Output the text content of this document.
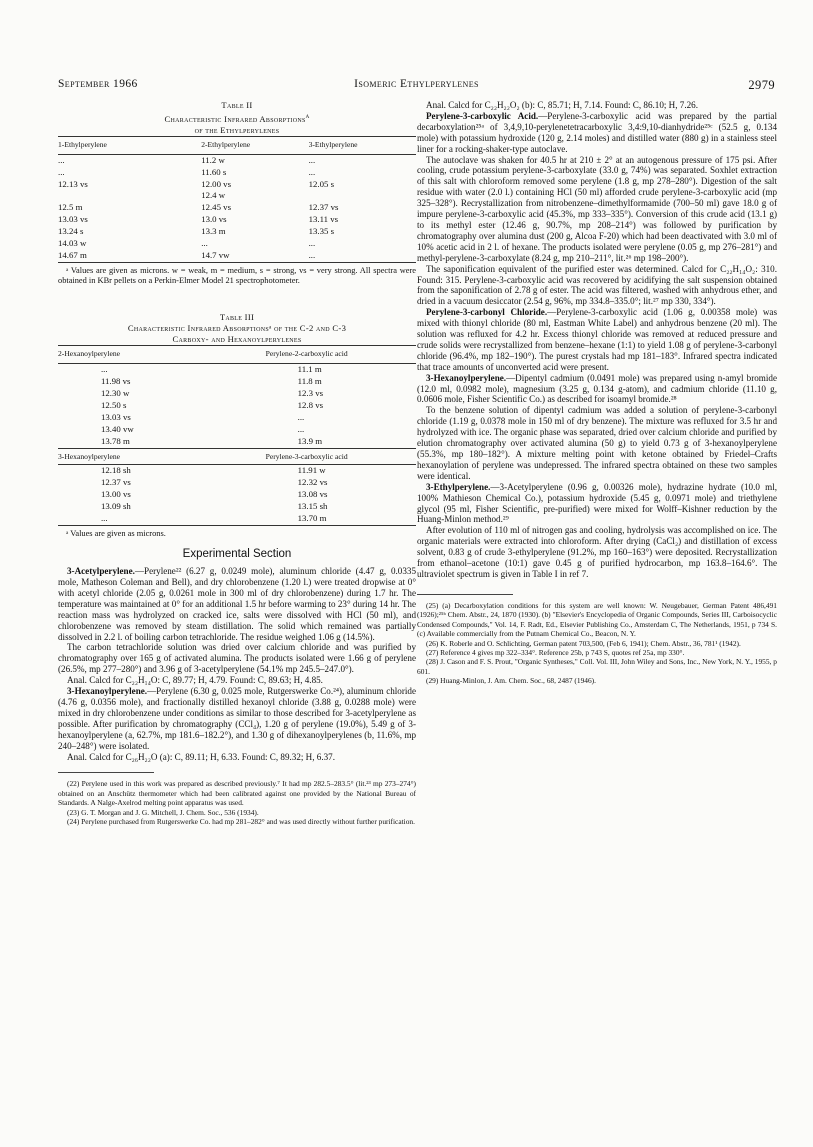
September 1966	Isomeric Ethylperylenes	2979
Table II
Characteristic Infrared Absorptions$^a$
of the Ethylperylenes
1-Ethylperylene	2-Ethylperylene	3-Ethylperylene
...	11.2 w	...
...	11.60 s	...
12.13 vs	12.00 vs	12.05 s
	12.4 w	
12.5 m	12.45 vs	12.37 vs
13.03 vs	13.0 vs	13.11 vs
13.24 s	13.3 m	13.35 s
14.03 w	...	...
14.67 m	14.7 vw	...

ᵃ Values are given as microns. w = weak, m = medium, s = strong, vs = very strong. All spectra were obtained in KBr pellets on a Perkin-Elmer Model 21 spectrophotometer.

Table III
Characteristic Infrared Absorptionsᵃ of the C-2 and C-3
Carboxy- and Hexanoylperylenes
2-Hexanoylperylene		Perylene-2-carboxylic acid
	...	11.1 m
	11.98 vs	11.8 m
	12.30 w	12.3 vs
	12.50 s	12.8 vs
	13.03 vs	...
	13.40 vw	...
	13.78 m	13.9 m
3-Hexanoylperylene		Perylene-3-carboxylic acid
	12.18 sh	11.91 w
	12.37 vs	12.32 vs
	13.00 vs	13.08 vs
	13.09 sh	13.15 sh
	...	13.70 m

ᵃ Values are given as microns.

Experimental Section

3-Acetylperylene.—Perylene²² (6.27 g, 0.0249 mole), aluminum chloride (4.47 g, 0.0335 mole, Matheson Coleman and Bell), and dry chlorobenzene (1.20 l.) were treated dropwise at 0° with acetyl chloride (2.05 g, 0.0261 mole in 300 ml of dry chlorobenzene) during 1.7 hr. The temperature was maintained at 0° for an additional 1.5 hr before warming to 23° during 14 hr. The reaction mass was hydrolyzed on cracked ice, salts were dissolved with HCl (50 ml), and chlorobenzene was removed by steam distillation. The solid which remained was partially dissolved in 2.2 l. of boiling carbon tetrachloride. The residue weighed 1.06 g (14.5%).

The carbon tetrachloride solution was dried over calcium chloride and was purified by chromatography over 165 g of activated alumina. The products isolated were 1.66 g of perylene (26.5%, mp 277–280°) and 3.96 g of 3-acetylperylene (54.1% mp 245.5–247.0°).

Anal. Calcd for C₂₂H₁₄O: C, 89.77; H, 4.79. Found: C, 89.63; H, 4.85.

3-Hexanoylperylene.—Perylene (6.30 g, 0.025 mole, Rutgerswerke Co.²⁴), aluminum chloride (4.76 g, 0.0356 mole), and fractionally distilled hexanoyl chloride (3.88 g, 0.0288 mole) were mixed in dry chlorobenzene under conditions as similar to those described for 3-acetylperylene as possible. After purification by chromatography (CCl₄), 1.20 g of perylene (19.0%), 5.49 g of 3-hexanoylperylene (a, 62.7%, mp 181.6–182.2°), and 1.30 g of dihexanoylperylenes (b, 11.6%, mp 240–248°) were isolated.

Anal. Calcd for C₂₆H₂₂O (a): C, 89.11; H, 6.33. Found: C, 89.32; H, 6.37.

(22) Perylene used in this work was prepared as described previously.⁷ It had mp 282.5–283.5° (lit.²³ mp 273–274°) obtained on an Anschütz thermometer which had been calibrated against one provided by the National Bureau of Standards. A Nalge-Axelrod melting point apparatus was used.

(23) G. T. Morgan and J. G. Mitchell, J. Chem. Soc., 536 (1934).

(24) Perylene purchased from Rutgerswerke Co. had mp 281–282° and was used directly without further purification.

Anal. Calcd for C₂₂H₂₂O₂ (b): C, 85.71; H, 7.14. Found: C, 86.10; H, 7.26.

Perylene-3-carboxylic Acid.—Perylene-3-carboxylic acid was prepared by the partial decarboxylation²⁵ᵃ of 3,4,9,10-perylenetetracarboxylic 3,4:9,10-dianhydride²⁵ᶜ (52.5 g, 0.134 mole) with potassium hydroxide (120 g, 2.14 moles) and distilled water (880 g) in a stainless steel liner for a rocking-shaker-type autoclave.

The autoclave was shaken for 40.5 hr at 210 ± 2° at an autogenous pressure of 175 psi. After cooling, crude potassium perylene-3-carboxylate (33.0 g, 74%) was separated. Soxhlet extraction of this salt with chloroform removed some perylene (1.8 g, mp 278–280°). Digestion of the salt residue with water (2.0 l.) containing HCl (50 ml) afforded crude perylene-3-carboxylic acid (mp 325–328°). Recrystallization from nitrobenzene–dimethylformamide (700–50 ml) gave 18.0 g of impure perylene-3-carboxylic acid (45.3%, mp 333–335°). Conversion of this crude acid (13.1 g) to its methyl ester (12.46 g, 90.7%, mp 208–214°) was followed by purification by chromatography over alumina dust (200 g, Alcoa F-20) which had been deactivated with 3.0 ml of 10% acetic acid in 2 l. of hexane. The products isolated were perylene (0.05 g, mp 276–281°) and methyl-perylene-3-carboxylate (8.24 g, mp 210–211°, lit.²⁶ mp 198–200°).

The saponification equivalent of the purified ester was determined. Calcd for C₂₂H₁₄O₂: 310. Found: 315. Perylene-3-carboxylic acid was recovered by acidifying the salt suspension obtained from the saponification of 2.78 g of ester. The acid was filtered, washed with anhydrous ether, and dried in a vacuum desiccator (2.54 g, 96%, mp 334.8–335.0°; lit.²⁷ mp 330, 334°).

Perylene-3-carbonyl Chloride.—Perylene-3-carboxylic acid (1.06 g, 0.00358 mole) was mixed with thionyl chloride (80 ml, Eastman White Label) and anhydrous benzene (20 ml). The solution was refluxed for 4.2 hr. Excess thionyl chloride was removed at reduced pressure and crude solids were recrystallized from benzene–hexane (1:1) to yield 1.08 g of perylene-3-carbonyl chloride (96.4%, mp 182–190°). The purest crystals had mp 181–183°. Infrared spectra indicated that trace amounts of unconverted acid were present.

3-Hexanoylperylene.—Dipentyl cadmium (0.0491 mole) was prepared using n-amyl bromide (12.0 ml, 0.0982 mole), magnesium (3.25 g, 0.134 g-atom), and cadmium chloride (11.10 g, 0.0606 mole, Fisher Scientific Co.) as described for isoamyl bromide.²⁸

To the benzene solution of dipentyl cadmium was added a solution of perylene-3-carbonyl chloride (1.19 g, 0.0378 mole in 150 ml of dry benzene). The mixture was refluxed for 3.5 hr and hydrolyzed with ice. The organic phase was separated, dried over calcium chloride and purified by elution chromatography over activated alumina (50 g) to yield 0.73 g of 3-hexanoylperylene (55.3%, mp 180–182°). A mixture melting point with ketone obtained by Friedel–Crafts hexanoylation of perylene was undepressed. The infrared spectra obtained on these two samples were identical.

3-Ethylperylene.—3-Acetylperylene (0.96 g, 0.00326 mole), hydrazine hydrate (10.0 ml, 100% Mathieson Chemical Co.), potassium hydroxide (5.45 g, 0.0971 mole) and triethylene glycol (95 ml, Fisher Scientific, pre-purified) were mixed for Wolff–Kishner reduction by the Huang-Minlon method.²⁹

After evolution of 110 ml of nitrogen gas and cooling, hydrolysis was accomplished on ice. The organic materials were extracted into chloroform. After drying (CaCl₂) and distillation of excess solvent, 0.83 g of crude 3-ethylperylene (91.2%, mp 160–163°) were deposited. Recrystallization from ethanol–acetone (10:1) gave 0.45 g of purified hydrocarbon, mp 163.8–164.6°. The ultraviolet spectrum is given in Table I in ref 7.

(25) (a) Decarboxylation conditions for this system are well known: W. Neugebauer, German Patent 486,491 (1926);²⁵ᵇ Chem. Abstr., 24, 1870 (1930). (b) "Elsevier's Encyclopedia of Organic Compounds, Series III, Carboisocyclic Condensed Compounds," Vol. 14, F. Radt, Ed., Elsevier Publishing Co., Amsterdam C, The Netherlands, 1951, p 734 S. (c) Available commercially from the Putnam Chemical Co., Beacon, N. Y.

(26) K. Roberle and O. Schlichting, German patent 703,500, (Feb 6, 1941); Chem. Abstr., 36, 781¹ (1942).

(27) Reference 4 gives mp 322–334°. Reference 25b, p 743 S, quotes ref 25a, mp 330°.

(28) J. Cason and F. S. Prout, "Organic Syntheses," Coll. Vol. III, John Wiley and Sons, Inc., New York, N. Y., 1955, p 601.

(29) Huang-Minlon, J. Am. Chem. Soc., 68, 2487 (1946).
